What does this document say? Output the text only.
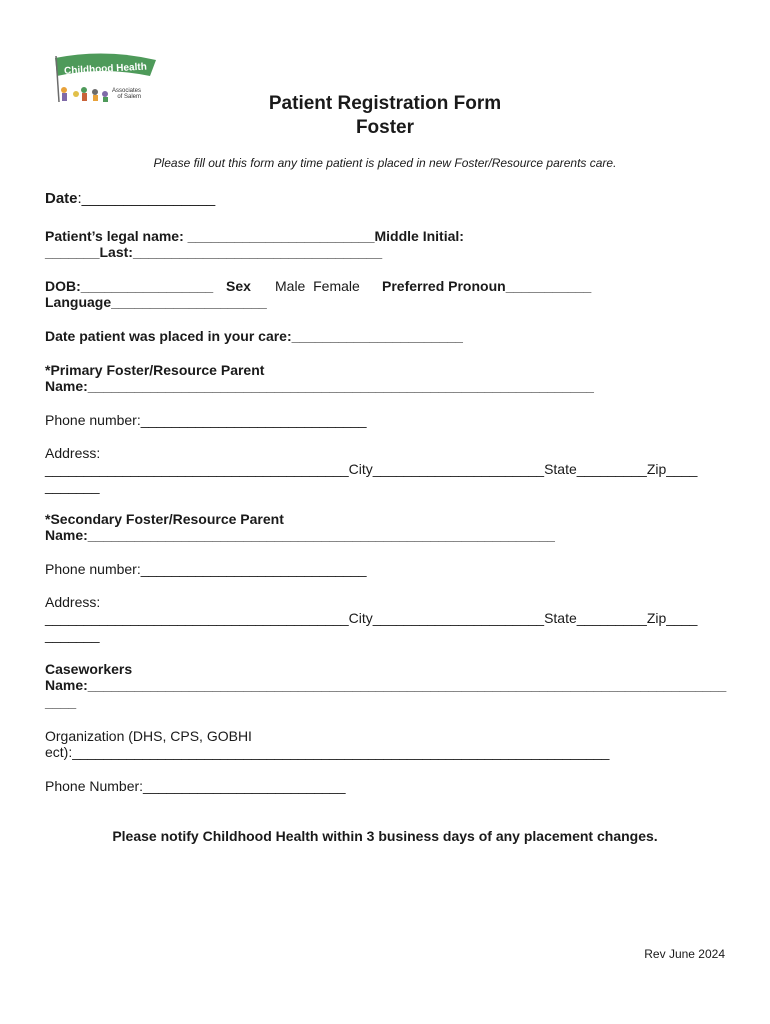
Childhood Health
Associates
of Salem	Patient Registration Form
Foster
Please fill out this form any time patient is placed in new Foster/Resource parents care.
Date:________________
Patient’s legal name: ________________________Middle Initial:
_______Last:________________________________
DOB:_________________ Sex Male  Female Preferred Pronoun___________
Language____________________
Date patient was placed in your care:______________________
*Primary Foster/Resource Parent
Name:_________________________________________________________________
Phone number:_____________________________
Address:
_______________________________________City______________________State_________Zip____
_______
*Secondary Foster/Resource Parent
Name:____________________________________________________________
Phone number:_____________________________
Address:
_______________________________________City______________________State_________Zip____
_______
Caseworkers
Name:__________________________________________________________________________________
____
Organization (DHS, CPS, GOBHI
ect):_____________________________________________________________________
Phone Number:__________________________
Please notify Childhood Health within 3 business days of any placement changes.
Rev June 2024
